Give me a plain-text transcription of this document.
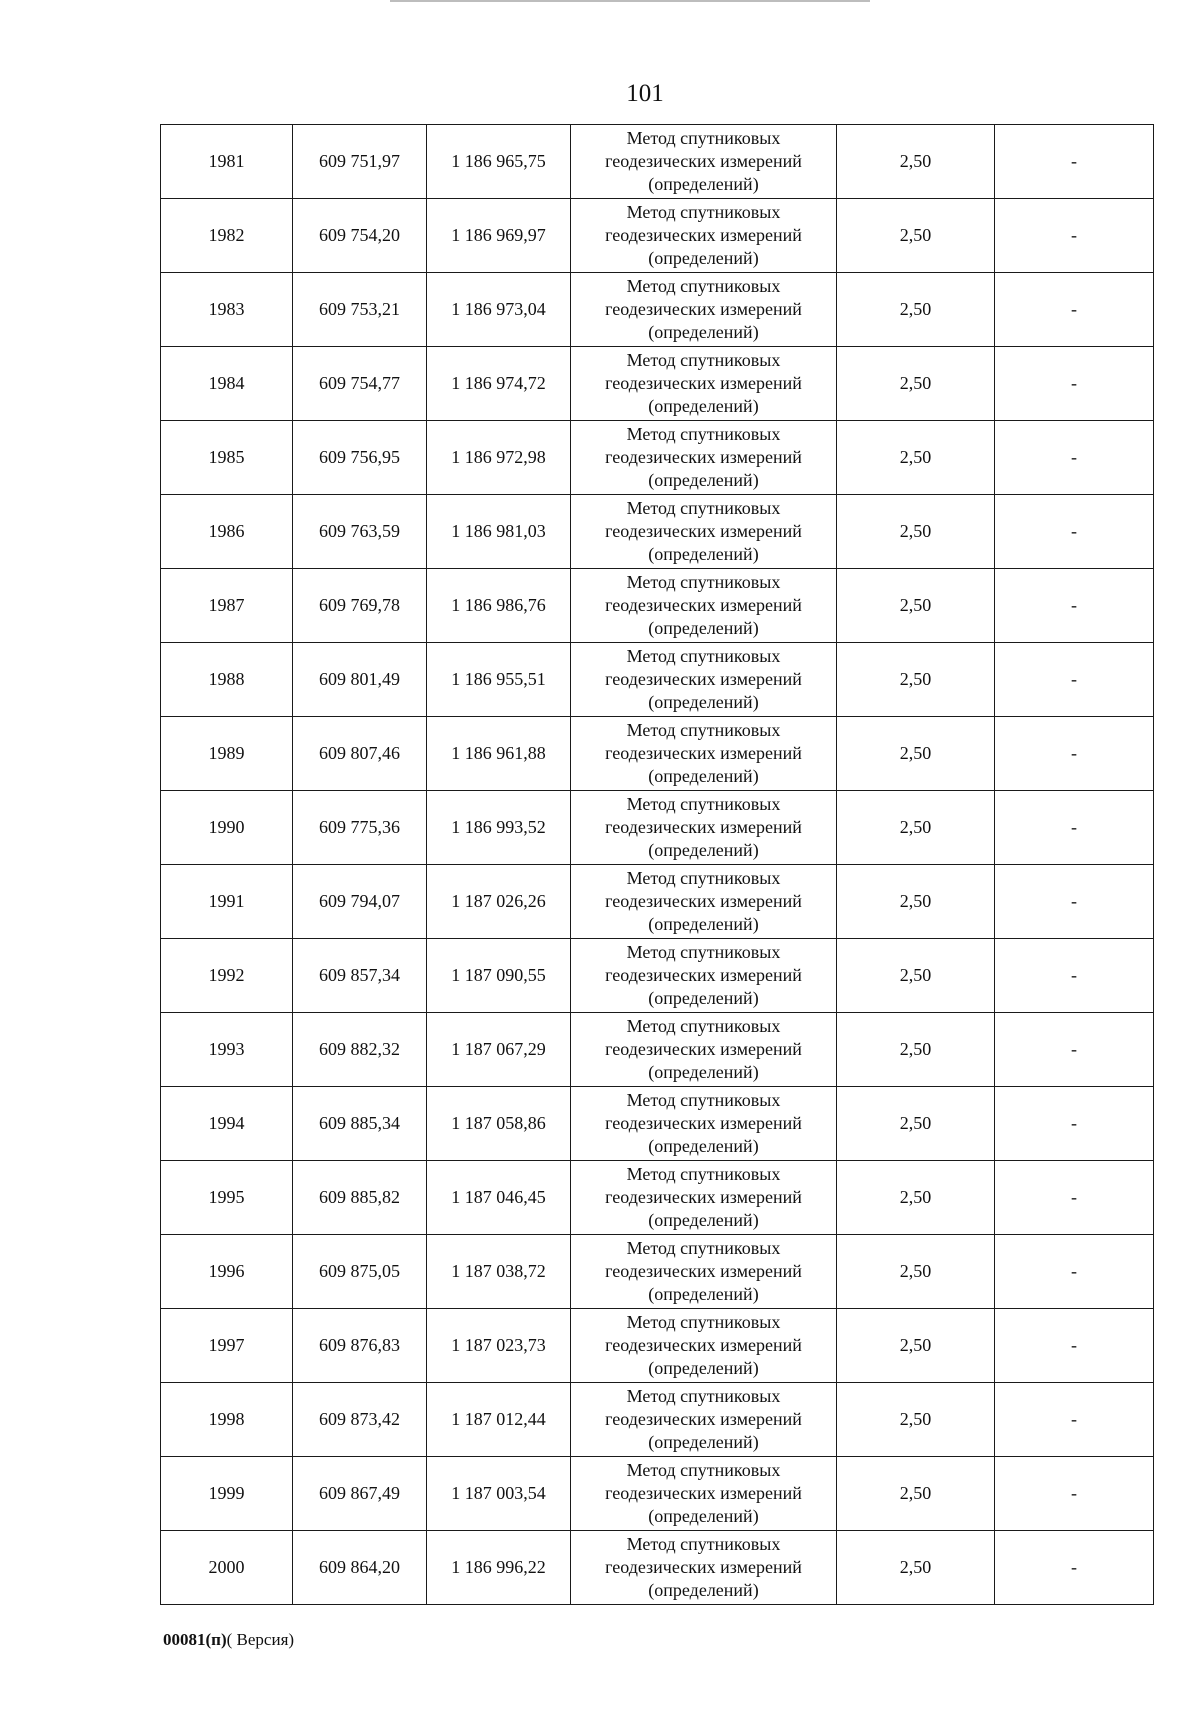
101
1981	609 751,97	1 186 965,75	Метод спутниковых
геодезических измерений
(определений)	2,50	-
1982	609 754,20	1 186 969,97	Метод спутниковых
геодезических измерений
(определений)	2,50	-
1983	609 753,21	1 186 973,04	Метод спутниковых
геодезических измерений
(определений)	2,50	-
1984	609 754,77	1 186 974,72	Метод спутниковых
геодезических измерений
(определений)	2,50	-
1985	609 756,95	1 186 972,98	Метод спутниковых
геодезических измерений
(определений)	2,50	-
1986	609 763,59	1 186 981,03	Метод спутниковых
геодезических измерений
(определений)	2,50	-
1987	609 769,78	1 186 986,76	Метод спутниковых
геодезических измерений
(определений)	2,50	-
1988	609 801,49	1 186 955,51	Метод спутниковых
геодезических измерений
(определений)	2,50	-
1989	609 807,46	1 186 961,88	Метод спутниковых
геодезических измерений
(определений)	2,50	-
1990	609 775,36	1 186 993,52	Метод спутниковых
геодезических измерений
(определений)	2,50	-
1991	609 794,07	1 187 026,26	Метод спутниковых
геодезических измерений
(определений)	2,50	-
1992	609 857,34	1 187 090,55	Метод спутниковых
геодезических измерений
(определений)	2,50	-
1993	609 882,32	1 187 067,29	Метод спутниковых
геодезических измерений
(определений)	2,50	-
1994	609 885,34	1 187 058,86	Метод спутниковых
геодезических измерений
(определений)	2,50	-
1995	609 885,82	1 187 046,45	Метод спутниковых
геодезических измерений
(определений)	2,50	-
1996	609 875,05	1 187 038,72	Метод спутниковых
геодезических измерений
(определений)	2,50	-
1997	609 876,83	1 187 023,73	Метод спутниковых
геодезических измерений
(определений)	2,50	-
1998	609 873,42	1 187 012,44	Метод спутниковых
геодезических измерений
(определений)	2,50	-
1999	609 867,49	1 187 003,54	Метод спутниковых
геодезических измерений
(определений)	2,50	-
2000	609 864,20	1 186 996,22	Метод спутниковых
геодезических измерений
(определений)	2,50	-
00081(п)( Версия)
